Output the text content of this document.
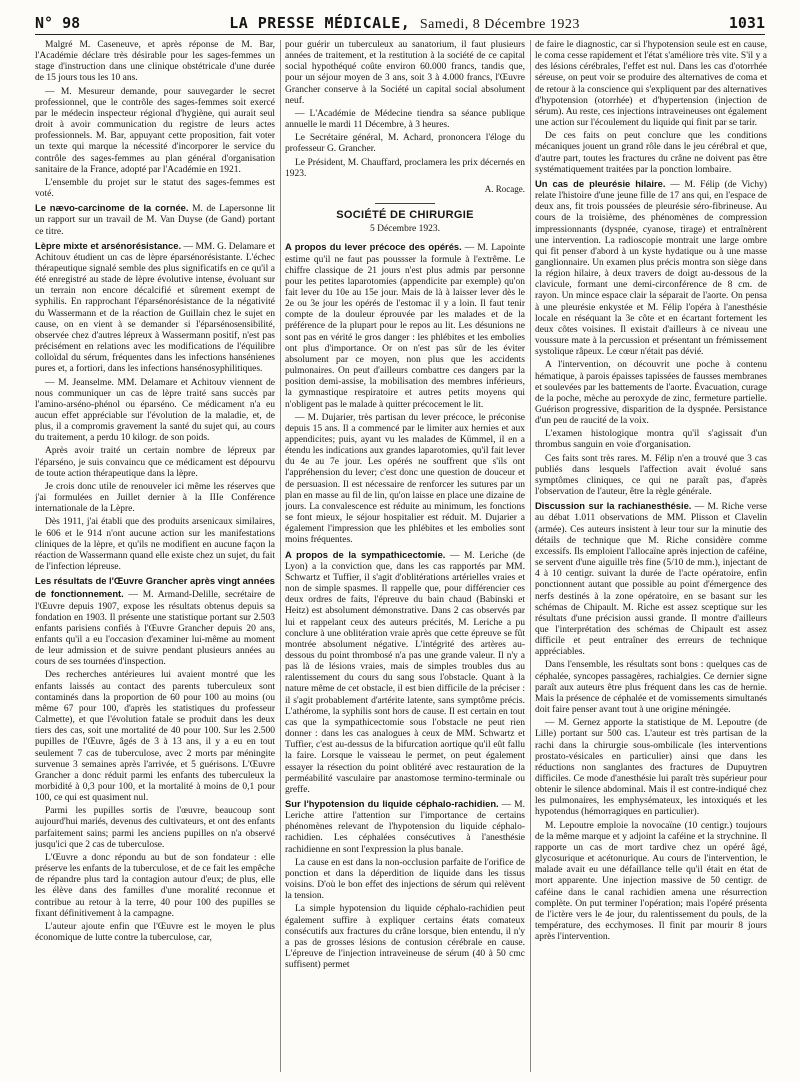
N° 98	LA PRESSE MÉDICALE, Samedi, 8 Décembre 1923	1031

Malgré M. Caseneuve, et après réponse de M. Bar, l'Académie déclare très désirable pour les sages-femmes un stage d'instruction dans une clinique obstétricale d'une durée de 15 jours tous les 10 ans.

— M. Mesureur demande, pour sauvegarder le secret professionnel, que le contrôle des sages-femmes soit exercé par le médecin inspecteur régional d'hygiène, qui aurait seul droit à avoir communication du registre de leurs actes professionnels. M. Bar, appuyant cette proposition, fait voter un texte qui marque la nécessité d'incorporer le service du contrôle des sages-femmes au plan général d'organisation sanitaire de la France, adopté par l'Académie en 1921.

L'ensemble du projet sur le statut des sages-femmes est voté.

Le nævo-carcinome de la cornée. M. de Lapersonne lit un rapport sur un travail de M. Van Duyse (de Gand) portant ce titre.

Lèpre mixte et arsénorésistance. — MM. G. Delamare et Achitouv étudient un cas de lèpre éparsénorésistante. L'échec thérapeutique signalé semble des plus significatifs en ce qu'il a été enregistré au stade de lèpre évolutive intense, évoluant sur un terrain non encore décalcifié et sûrement exempt de syphilis. En rapprochant l'éparsénorésistance de la négativité du Wassermann et de la réaction de Guillain chez le sujet en cause, on en vient à se demander si l'éparsénosensibilité, observée chez d'autres lépreux à Wassermann positif, n'est pas précisément en relations avec les modifications de l'équilibre colloïdal du sérum, fréquentes dans les infections hansénienes pures et, a fortiori, dans les infections hansénosyphilitiques.

— M. Jeanselme. MM. Delamare et Achitouv viennent de nous communiquer un cas de lèpre traité sans succès par l'amino-arséno-phénol ou éparséno. Ce médicament n'a eu aucun effet appréciable sur l'évolution de la maladie, et, de plus, il a compromis gravement la santé du sujet qui, au cours du traitement, a perdu 10 kilogr. de son poids.

Après avoir traité un certain nombre de lépreux par l'éparséno, je suis convaincu que ce médicament est dépourvu de toute action thérapeutique dans la lèpre.

Je crois donc utile de renouveler ici même les réserves que j'ai formulées en Juillet dernier à la IIIe Conférence internationale de la Lèpre.

Dès 1911, j'ai établi que des produits arsenicaux similaires, le 606 et le 914 n'ont aucune action sur les manifestations cliniques de la lèpre, et qu'ils ne modifient en aucune façon la réaction de Wassermann quand elle existe chez un sujet, du fait de l'infection lépreuse.

Les résultats de l'Œuvre Grancher après vingt années de fonctionnement. — M. Armand-Delille, secrétaire de l'Œuvre depuis 1907, expose les résultats obtenus depuis sa fondation en 1903. Il présente une statistique portant sur 2.503 enfants parisiens confiés à l'Œuvre Grancher depuis 20 ans, enfants qu'il a eu l'occasion d'examiner lui-même au moment de leur admission et de suivre pendant plusieurs années au cours de ses tournées d'inspection.

Des recherches antérieures lui avaient montré que les enfants laissés au contact des parents tuberculeux sont contaminés dans la proportion de 60 pour 100 au moins (ou même 67 pour 100, d'après les statistiques du professeur Calmette), et que l'évolution fatale se produit dans les deux tiers des cas, soit une mortalité de 40 pour 100. Sur les 2.500 pupilles de l'Œuvre, âgés de 3 à 13 ans, il y a eu en tout seulement 7 cas de tuberculose, avec 2 morts par méningite survenue 3 semaines après l'arrivée, et 5 guérisons. L'Œuvre Grancher a donc réduit parmi les enfants des tuberculeux la morbidité à 0,3 pour 100, et la mortalité à moins de 0,1 pour 100, ce qui est quasiment nul.

Parmi les pupilles sortis de l'œuvre, beaucoup sont aujourd'hui mariés, devenus des cultivateurs, et ont des enfants parfaitement sains; parmi les anciens pupilles on n'a observé jusqu'ici que 2 cas de tuberculose.

L'Œuvre a donc répondu au but de son fondateur : elle préserve les enfants de la tuberculose, et de ce fait les empêche de répandre plus tard la contagion autour d'eux; de plus, elle les élève dans des familles d'une moralité reconnue et contribue au retour à la terre, 40 pour 100 des pupilles se fixant définitivement à la campagne.

L'auteur ajoute enfin que l'Œuvre est le moyen le plus économique de lutte contre la tuberculose, car,

pour guérir un tuberculeux au sanatorium, il faut plusieurs années de traitement, et la restitution à la société de ce capital social hypothéqué coûte environ 60.000 francs, tandis que, pour un séjour moyen de 3 ans, soit 3 à 4.000 francs, l'Œuvre Grancher conserve à la Société un capital social absolument neuf.

— L'Académie de Médecine tiendra sa séance publique annuelle le mardi 11 Décembre, à 3 heures.

Le Secrétaire général, M. Achard, prononcera l'éloge du professeur G. Grancher.

Le Président, M. Chauffard, proclamera les prix décernés en 1923.

A. Rocage.
SOCIÉTÉ DE CHIRURGIE
5 Décembre 1923.

A propos du lever précoce des opérés. — M. Lapointe estime qu'il ne faut pas poussser la formule à l'extrême. Le chiffre classique de 21 jours n'est plus admis par personne pour les petites laparotomies (appendicite par exemple) qu'on fait lever du 10e au 15e jour. Mais de là à laisser lever dès le 2e ou 3e jour les opérés de l'estomac il y a loin. Il faut tenir compte de la douleur éprouvée par les malades et de la préférence de la plupart pour le repos au lit. Les désunions ne sont pas en vérité le gros danger : les phlébites et les embolies ont plus d'importance. Or on n'est pas sûr de les éviter absolument par ce moyen, non plus que les accidents pulmonaires. On peut d'ailleurs combattre ces dangers par la position demi-assise, la mobilisation des membres inférieurs, la gymnastique respiratoire et autres petits moyens qui n'obligent pas le malade à quitter précocement le lit.

— M. Dujarier, très partisan du lever précoce, le préconise depuis 15 ans. Il a commencé par le limiter aux hernies et aux appendicites; puis, ayant vu les malades de Kümmel, il en a étendu les indications aux grandes laparotomies, qu'il fait lever du 4e au 7e jour. Les opérés ne souffrent que s'ils ont l'appréhension du lever; c'est donc une question de douceur et de persuasion. Il est nécessaire de renforcer les sutures par un plan en masse au fil de lin, qu'on laisse en place une dizaine de jours. La convalescence est réduite au minimum, les fonctions se font mieux, le séjour hospitalier est réduit. M. Dujarier a également l'impression que les phlébites et les embolies sont moins fréquentes.

A propos de la sympathicectomie. — M. Leriche (de Lyon) a la conviction que, dans les cas rapportés par MM. Schwartz et Tuffier, il s'agit d'oblitérations artérielles vraies et non de simple spasmes. Il rappelle que, pour différencier ces deux ordres de faits, l'épreuve du bain chaud (Babinski et Heitz) est absolument démonstrative. Dans 2 cas observés par lui et rappelant ceux des auteurs précités, M. Leriche a pu conclure à une oblitération vraie après que cette épreuve se fût montrée absolument négative. L'intégrité des artères au-dessous du point thrombosé n'a pas une grande valeur. Il n'y a pas là de lésions vraies, mais de simples troubles dus au ralentissement du cours du sang sous l'obstacle. Quant à la nature même de cet obstacle, il est bien difficile de la préciser : il s'agit probablement d'artérite latente, sans symptôme précis. L'athérome, la syphilis sont hors de cause. Il est certain en tout cas que la sympathicectomie sous l'obstacle ne peut rien donner : dans les cas analogues à ceux de MM. Schwartz et Tuffier, c'est au-dessus de la bifurcation aortique qu'il eût fallu la faire. Lorsque le vaisseau le permet, on peut également essayer la résection du point oblitéré avec restauration de la perméabilité vasculaire par anastomose termino-terminale ou greffe.

Sur l'hypotension du liquide céphalo-rachidien. — M. Leriche attire l'attention sur l'importance de certains phénomènes relevant de l'hypotension du liquide céphalo-rachidien. Les céphalées consécutives à l'anesthésie rachidienne en sont l'expression la plus banale.

La cause en est dans la non-occlusion parfaite de l'orifice de ponction et dans la déperdition de liquide dans les tissus voisins. D'où le bon effet des injections de sérum qui relèvent la tension.

La simple hypotension du liquide céphalo-rachidien peut également suffire à expliquer certains états comateux consécutifs aux fractures du crâne lorsque, bien entendu, il n'y a pas de grosses lésions de contusion cérébrale en cause. L'épreuve de l'injection intraveineuse de sérum (40 à 50 cmc suffisent) permet

de faire le diagnostic, car si l'hypotension seule est en cause, le coma cesse rapidement et l'état s'améliore très vite. S'il y a des lésions cérébrales, l'effet est nul. Dans les cas d'otorrhée séreuse, on peut voir se produire des alternatives de coma et de retour à la conscience qui s'expliquent par des alternatives d'hypotension (otorrhée) et d'hypertension (injection de sérum). Au reste, ces injections intraveineuses ont également une action sur l'écoulement du liquide qui finit par se tarir.

De ces faits on peut conclure que les conditions mécaniques jouent un grand rôle dans le jeu cérébral et que, d'autre part, toutes les fractures du crâne ne doivent pas être systématiquement traitées par la ponction lombaire.

Un cas de pleurésie hilaire. — M. Félip (de Vichy) relate l'histoire d'une jeune fille de 17 ans qui, en l'espace de deux ans, fit trois poussées de pleurésie séro-fibrineuse. Au cours de la troisième, des phénomènes de compression impressionnants (dyspnée, cyanose, tirage) et entraînèrent une intervention. La radioscopie montrait une large ombre qui fit penser d'abord à un kyste hydatique ou à une masse ganglionnaire. Un examen plus précis montra son siège dans la région hilaire, à deux travers de doigt au-dessous de la clavicule, formant une demi-circonférence de 8 cm. de rayon. Un mince espace clair la séparait de l'aorte. On pensa à une pleurésie enkystée et M. Félip l'opéra à l'anesthésie locale en réséquant la 3e côte et en écartant fortement les deux côtes voisines. Il existait d'ailleurs à ce niveau une voussure mate à la percussion et présentant un frémissement systolique râpeux. Le cœur n'était pas dévié.

A l'intervention, on découvrit une poche à contenu hématique, à parois épaisses tapissées de fausses membranes et soulevées par les battements de l'aorte. Évacuation, curage de la poche, mèche au peroxyde de zinc, fermeture partielle. Guérison progressive, disparition de la dyspnée. Persistance d'un peu de raucité de la voix.

L'examen histologique montra qu'il s'agissait d'un thrombus sanguin en voie d'organisation.

Ces faits sont très rares. M. Félip n'en a trouvé que 3 cas publiés dans lesquels l'affection avait évolué sans symptômes cliniques, ce qui ne paraît pas, d'après l'observation de l'auteur, être la règle générale.

Discussion sur la rachianesthésie. — M. Riche verse au débat 1.011 observations de MM. Plisson et Clavelin (armée). Ces auteurs insistent à leur tour sur la minutie des détails de technique que M. Riche considère comme excessifs. Ils emploient l'allocaïne après injection de caféine, se servent d'une aiguille très fine (5/10 de mm.), injectant de 4 à 10 centigr. suivant la durée de l'acte opératoire, enfin ponctionnent autant que possible au point d'émergence des nerfs destinés à la zone opératoire, en se basant sur les schémas de Chipault. M. Riche est assez sceptique sur les résultats d'une précision aussi grande. Il montre d'ailleurs que l'interprétation des schémas de Chipault est assez difficile et peut entraîner des erreurs de technique appréciables.

Dans l'ensemble, les résultats sont bons : quelques cas de céphalée, syncopes passagères, rachialgies. Ce dernier signe paraît aux auteurs être plus fréquent dans les cas de hernie. Mais la présence de céphalée et de vomissements simultanés doit faire penser avant tout à une origine méningée.

— M. Gernez apporte la statistique de M. Lepoutre (de Lille) portant sur 500 cas. L'auteur est très partisan de la rachi dans la chirurgie sous-ombilicale (les interventions prostato-vésicales en particulier) ainsi que dans les réductions non sanglantes des fractures de Dupuytren difficiles. Ce mode d'anesthésie lui paraît très supérieur pour obtenir le silence abdominal. Mais il est contre-indiqué chez les pulmonaires, les emphysémateux, les intoxiqués et les hypotendus (hémorragiques en particulier).

M. Lepoutre emploie la novocaïne (10 centigr.) toujours de la même marque et y adjoint la caféine et la strychnine. Il rapporte un cas de mort tardive chez un opéré âgé, glycosurique et acétonurique. Au cours de l'intervention, le malade avait eu une défaillance telle qu'il était en état de mort apparente. Une injection massive de 50 centigr. de caféine dans le canal rachidien amena une résurrection complète. On put terminer l'opération; mais l'opéré présenta de l'ictère vers le 4e jour, du ralentissement du pouls, de la température, des ecchymoses. Il finit par mourir 8 jours après l'intervention.
